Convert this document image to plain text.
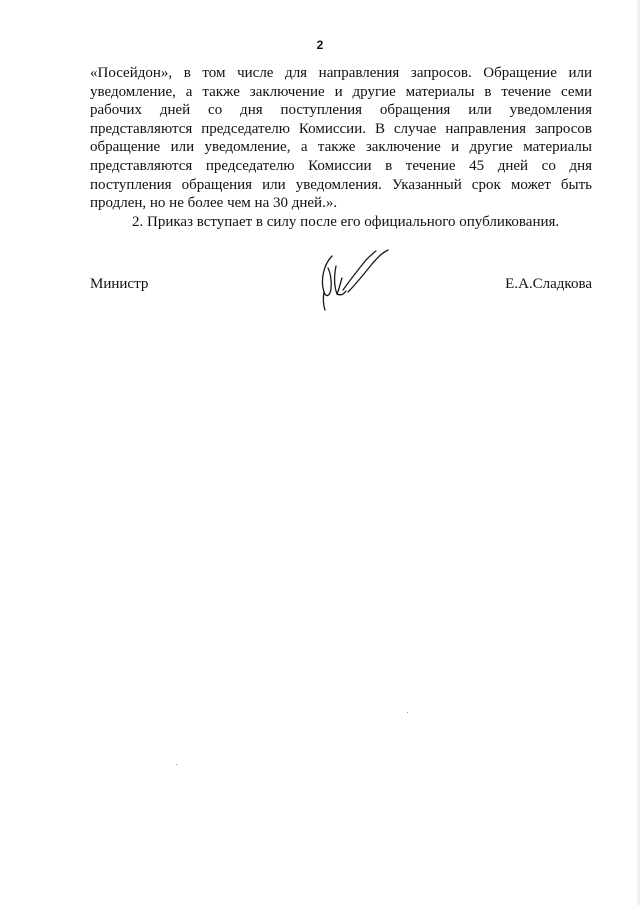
2

«Посейдон», в том числе для направления запросов. Обращение или уведомление, а также заключение и другие материалы в течение семи рабочих дней со дня поступления обращения или уведомления представляются председателю Комиссии. В случае направления запросов обращение или уведомление, а также заключение и другие материалы представляются председателю Комиссии в течение 45 дней со дня поступления обращения или уведомления. Указанный срок может быть продлен, но не более чем на 30 дней.».

2. Приказ вступает в силу после его официального опубликования.

Министр	Е.А.Сладкова
